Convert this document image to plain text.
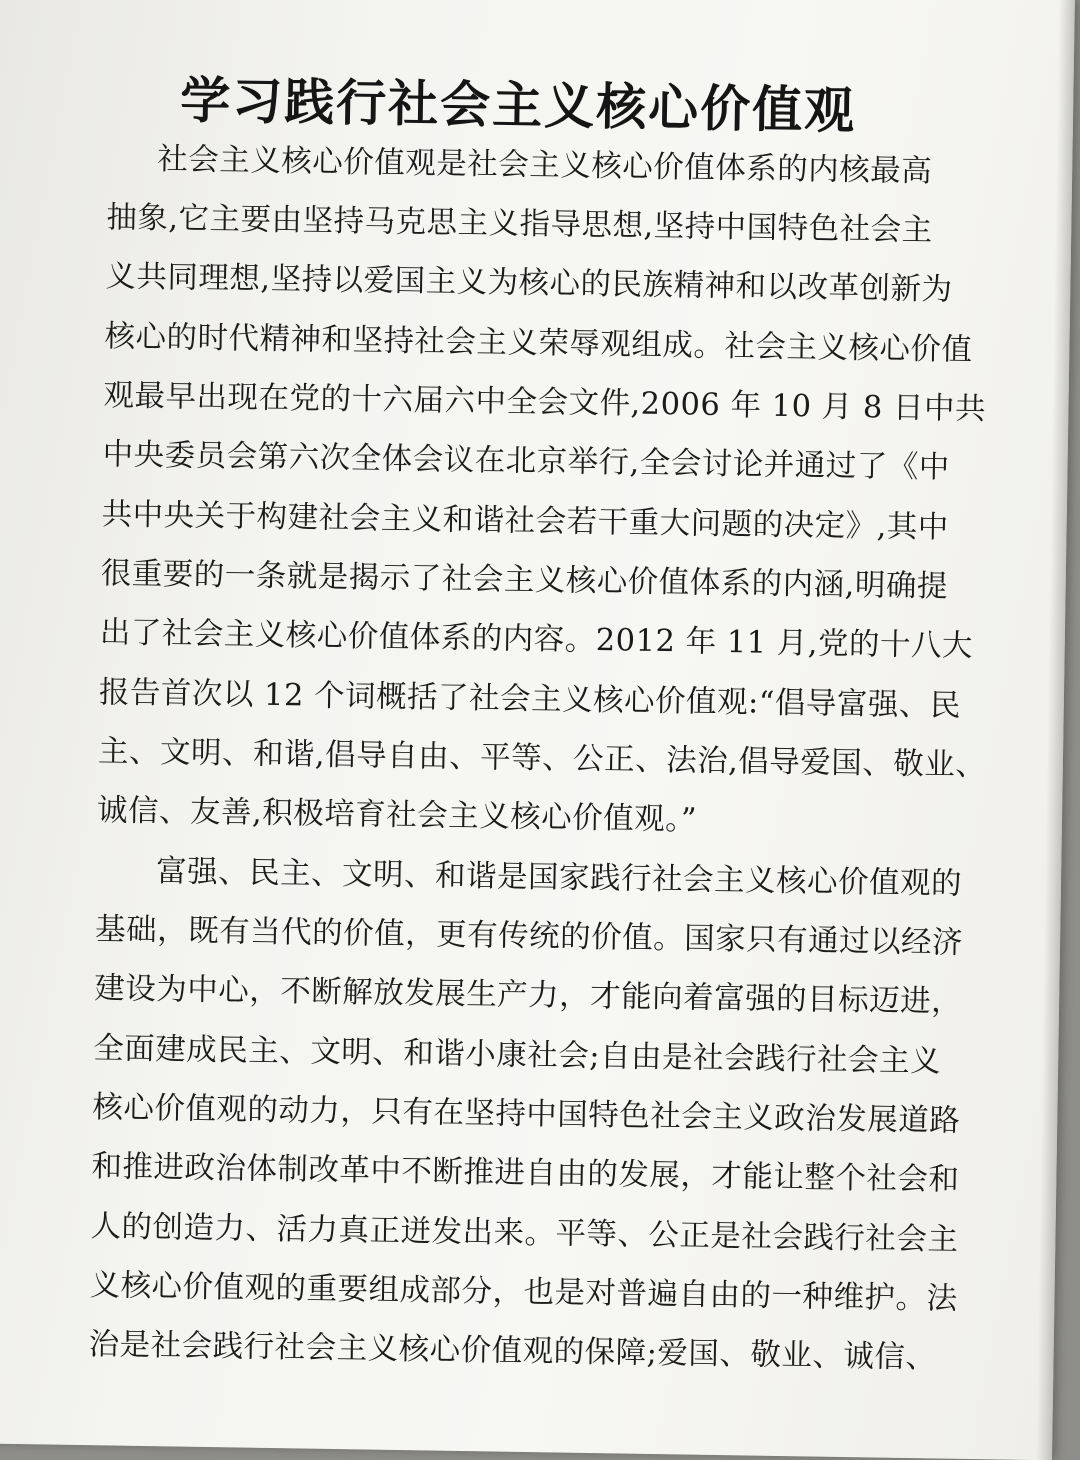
学习践行社会主义核心价值观

社会主义核心价值观是社会主义核心价值体系的内核最高

抽象,它主要由坚持马克思主义指导思想,坚持中国特色社会主

义共同理想,坚持以爱国主义为核心的民族精神和以改革创新为

核心的时代精神和坚持社会主义荣辱观组成。社会主义核心价值

观最早出现在党的十六届六中全会文件,2006 年 10 月 8 日中共

中央委员会第六次全体会议在北京举行,全会讨论并通过了《中

共中央关于构建社会主义和谐社会若干重大问题的决定》,其中

很重要的一条就是揭示了社会主义核心价值体系的内涵,明确提

出了社会主义核心价值体系的内容。2012 年 11 月,党的十八大

报告首次以 12 个词概括了社会主义核心价值观:“倡导富强、民

主、文明、和谐,倡导自由、平等、公正、法治,倡导爱国、敬业、

诚信、友善,积极培育社会主义核心价值观。”

富强、民主、文明、和谐是国家践行社会主义核心价值观的

基础，既有当代的价值，更有传统的价值。国家只有通过以经济

建设为中心，不断解放发展生产力，才能向着富强的目标迈进，

全面建成民主、文明、和谐小康社会;自由是社会践行社会主义

核心价值观的动力，只有在坚持中国特色社会主义政治发展道路

和推进政治体制改革中不断推进自由的发展，才能让整个社会和

人的创造力、活力真正迸发出来。平等、公正是社会践行社会主

义核心价值观的重要组成部分，也是对普遍自由的一种维护。法

治是社会践行社会主义核心价值观的保障;爱国、敬业、诚信、
